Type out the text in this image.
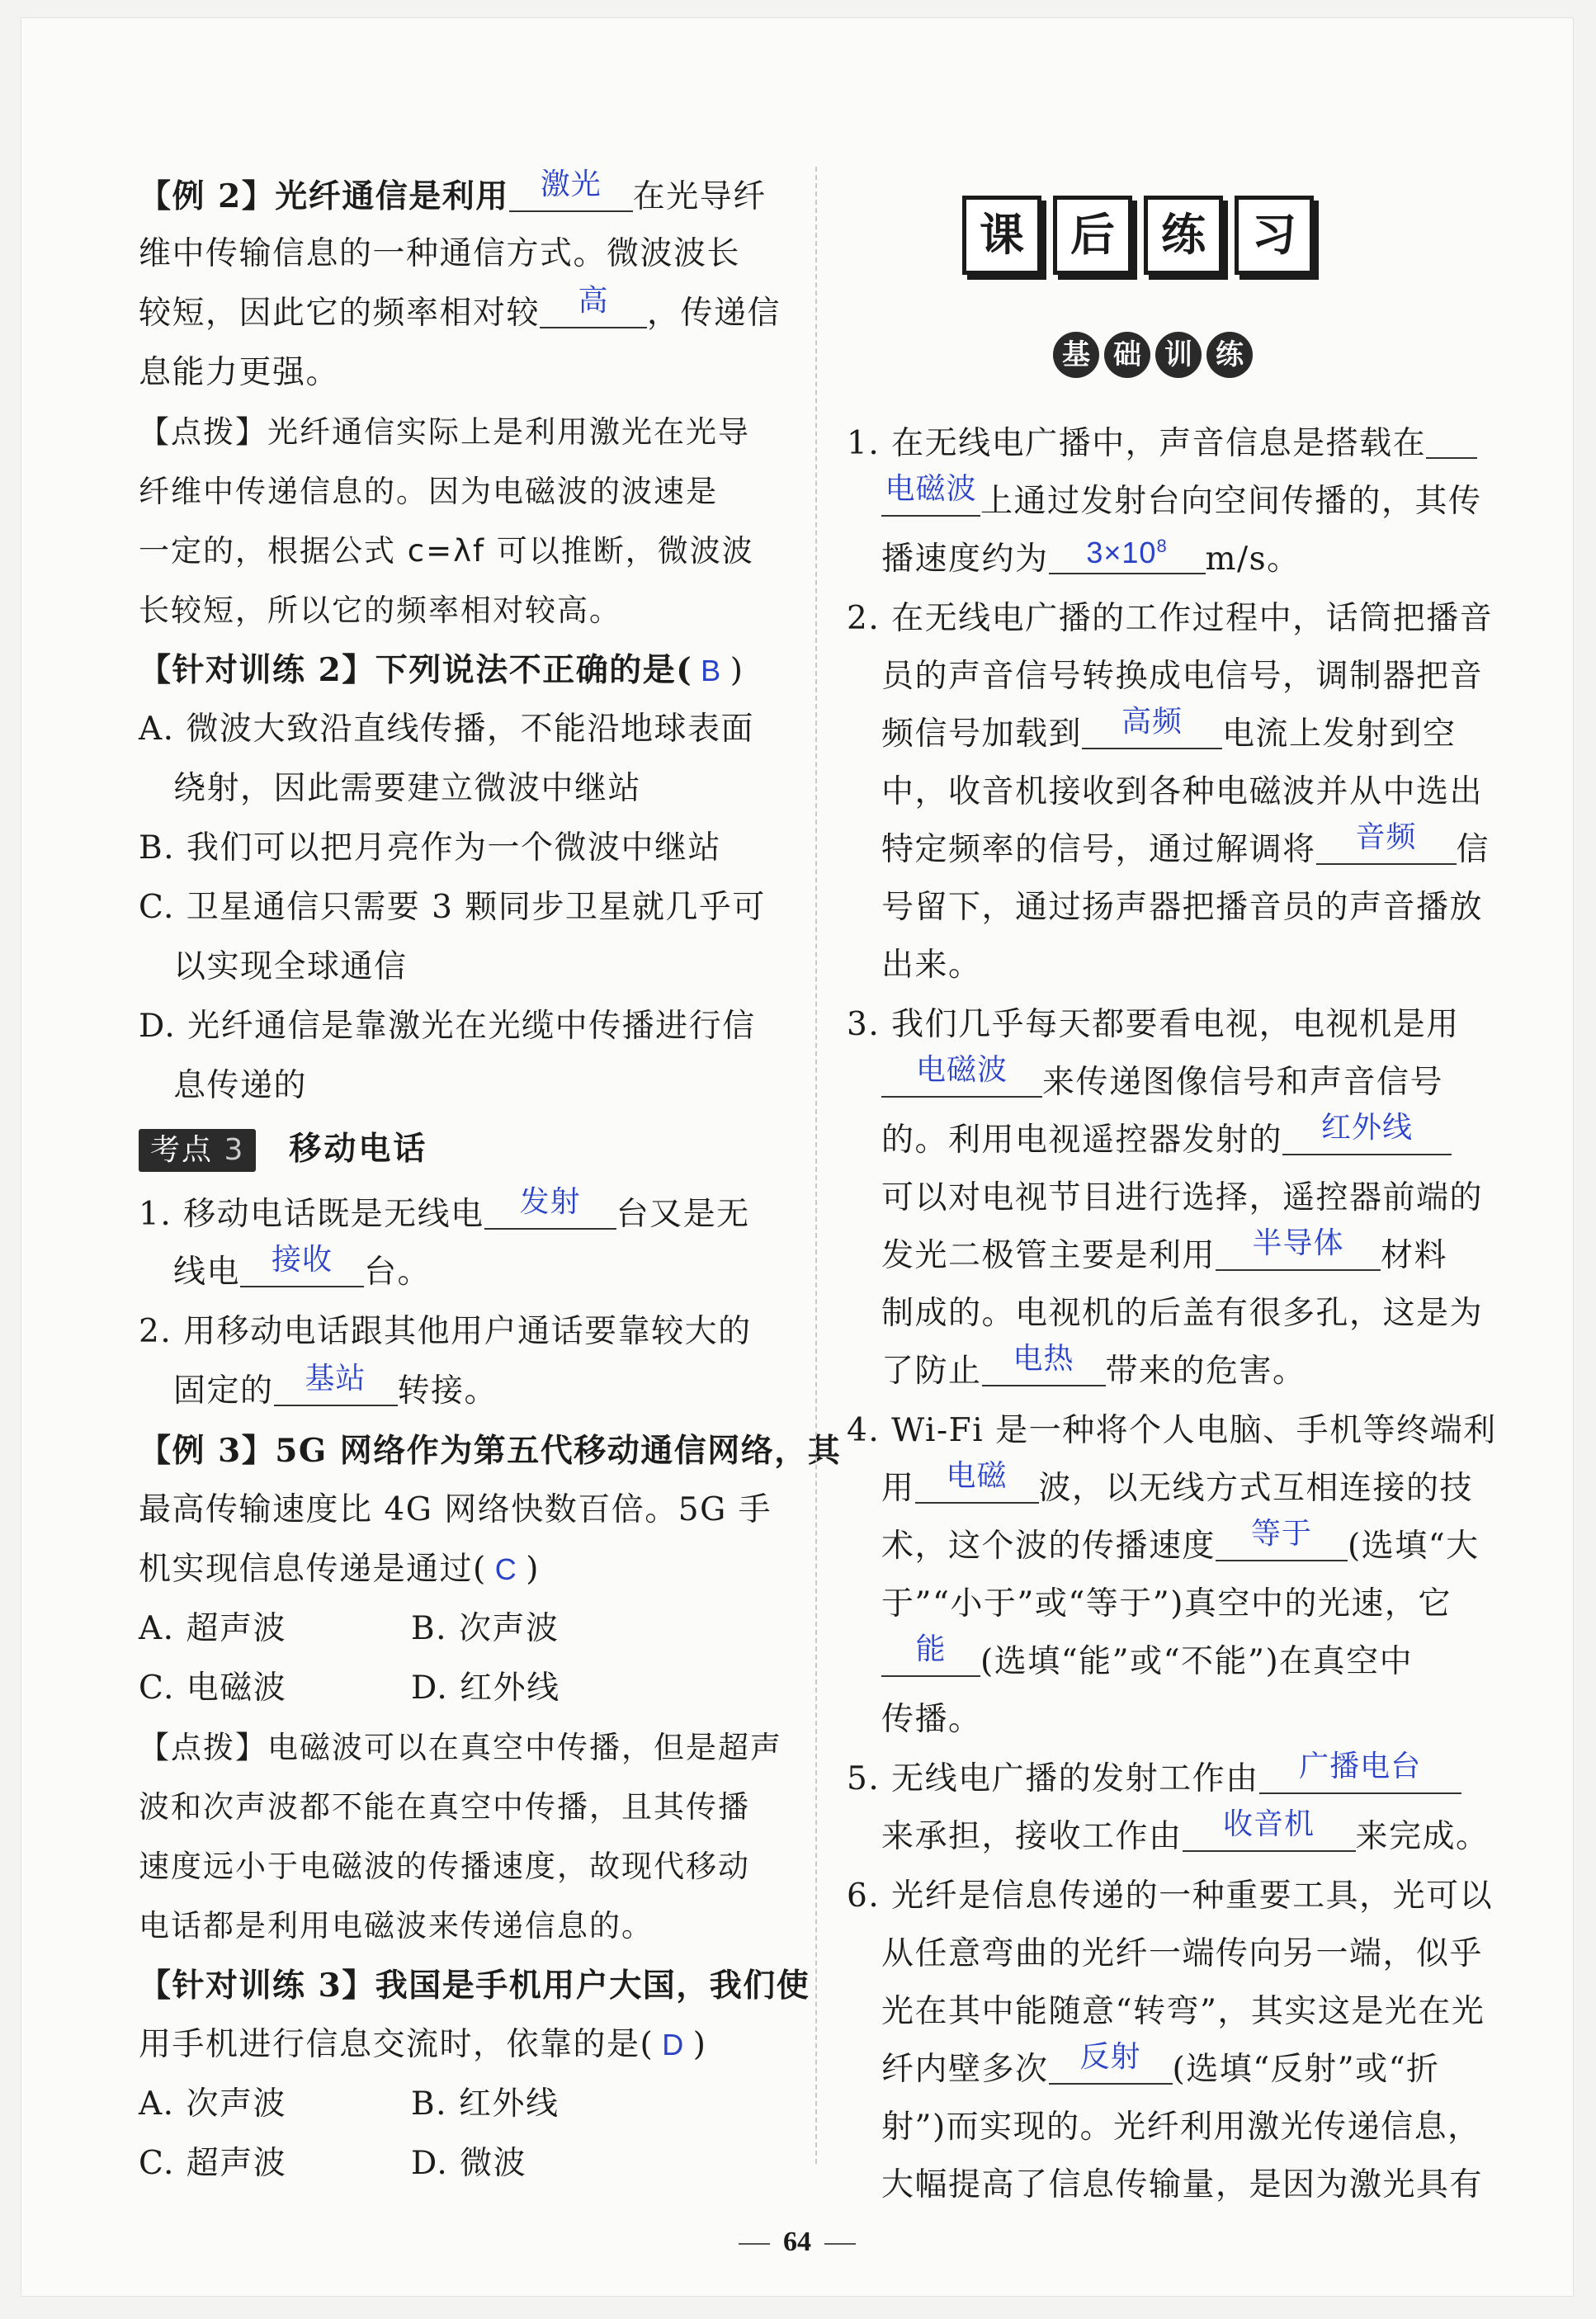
【例 2】光纤通信是利用	激光 在光导纤
维中传输信息的一种通信方式。微波波长
较短，因此它的频率相对较	高	，传递信
息能力更强。
【点拨】光纤通信实际上是利用激光在光导
纤维中传递信息的。因为电磁波的波速是
一定的，根据公式 c=λf 可以推断，微波波
长较短，所以它的频率相对较高。
【针对训练 2】下列说法不正确的是( B )
A. 微波大致沿直线传播，不能沿地球表面
绕射，因此需要建立微波中继站
B. 我们可以把月亮作为一个微波中继站
C. 卫星通信只需要 3 颗同步卫星就几乎可
以实现全球通信
D. 光纤通信是靠激光在光缆中传播进行信
息传递的
考点 3 移动电话
1. 移动电话既是无线电	发射	台又是无
线电	接收 台。
2. 用移动电话跟其他用户通话要靠较大的
固定的	基站 转接。
【例 3】5G 网络作为第五代移动通信网络，其
最高传输速度比 4G 网络快数百倍。5G 手
机实现信息传递是通过( C )
A. 超声波	B. 次声波
C. 电磁波	D. 红外线
【点拨】电磁波可以在真空中传播，但是超声
波和次声波都不能在真空中传播，且其传播
速度远小于电磁波的传播速度，故现代移动
电话都是利用电磁波来传递信息的。
【针对训练 3】我国是手机用户大国，我们使
用手机进行信息交流时，依靠的是( D )
A. 次声波	B. 红外线
C. 超声波	D. 微波
课	后	练	习
基 础 训 练
1. 在无线电广播中，声音信息是搭载在
电磁波 上通过发射台向空间传播的，其传
播速度约为	$3\times 10^8$	m/s。
2. 在无线电广播的工作过程中，话筒把播音
员的声音信号转换成电信号，调制器把音
频信号加载到	高频	电流上发射到空
中，收音机接收到各种电磁波并从中选出
特定频率的信号，通过解调将	音频	信
号留下，通过扬声器把播音员的声音播放
出来。
3. 我们几乎每天都要看电视，电视机是用
电磁波	来传递图像信号和声音信号
的。利用电视遥控器发射的	红外线
可以对电视节目进行选择，遥控器前端的
发光二极管主要是利用	半导体	材料
制成的。电视机的后盖有很多孔，这是为
了防止	电热 带来的危害。
4. Wi-Fi 是一种将个人电脑、手机等终端利
用	电磁 波，以无线方式互相连接的技
术，这个波的传播速度	等于	(选填“大
于”“小于”或“等于”)真空中的光速，它
能	(选填“能”或“不能”)在真空中
传播。
5. 无线电广播的发射工作由	广播电台
来承担，接收工作由	收音机	来完成。
6. 光纤是信息传递的一种重要工具，光可以
从任意弯曲的光纤一端传向另一端，似乎
光在其中能随意“转弯”，其实这是光在光
纤内壁多次	反射 (选填“反射”或“折
射”)而实现的。光纤利用激光传递信息，
大幅提高了信息传输量，是因为激光具有
64
